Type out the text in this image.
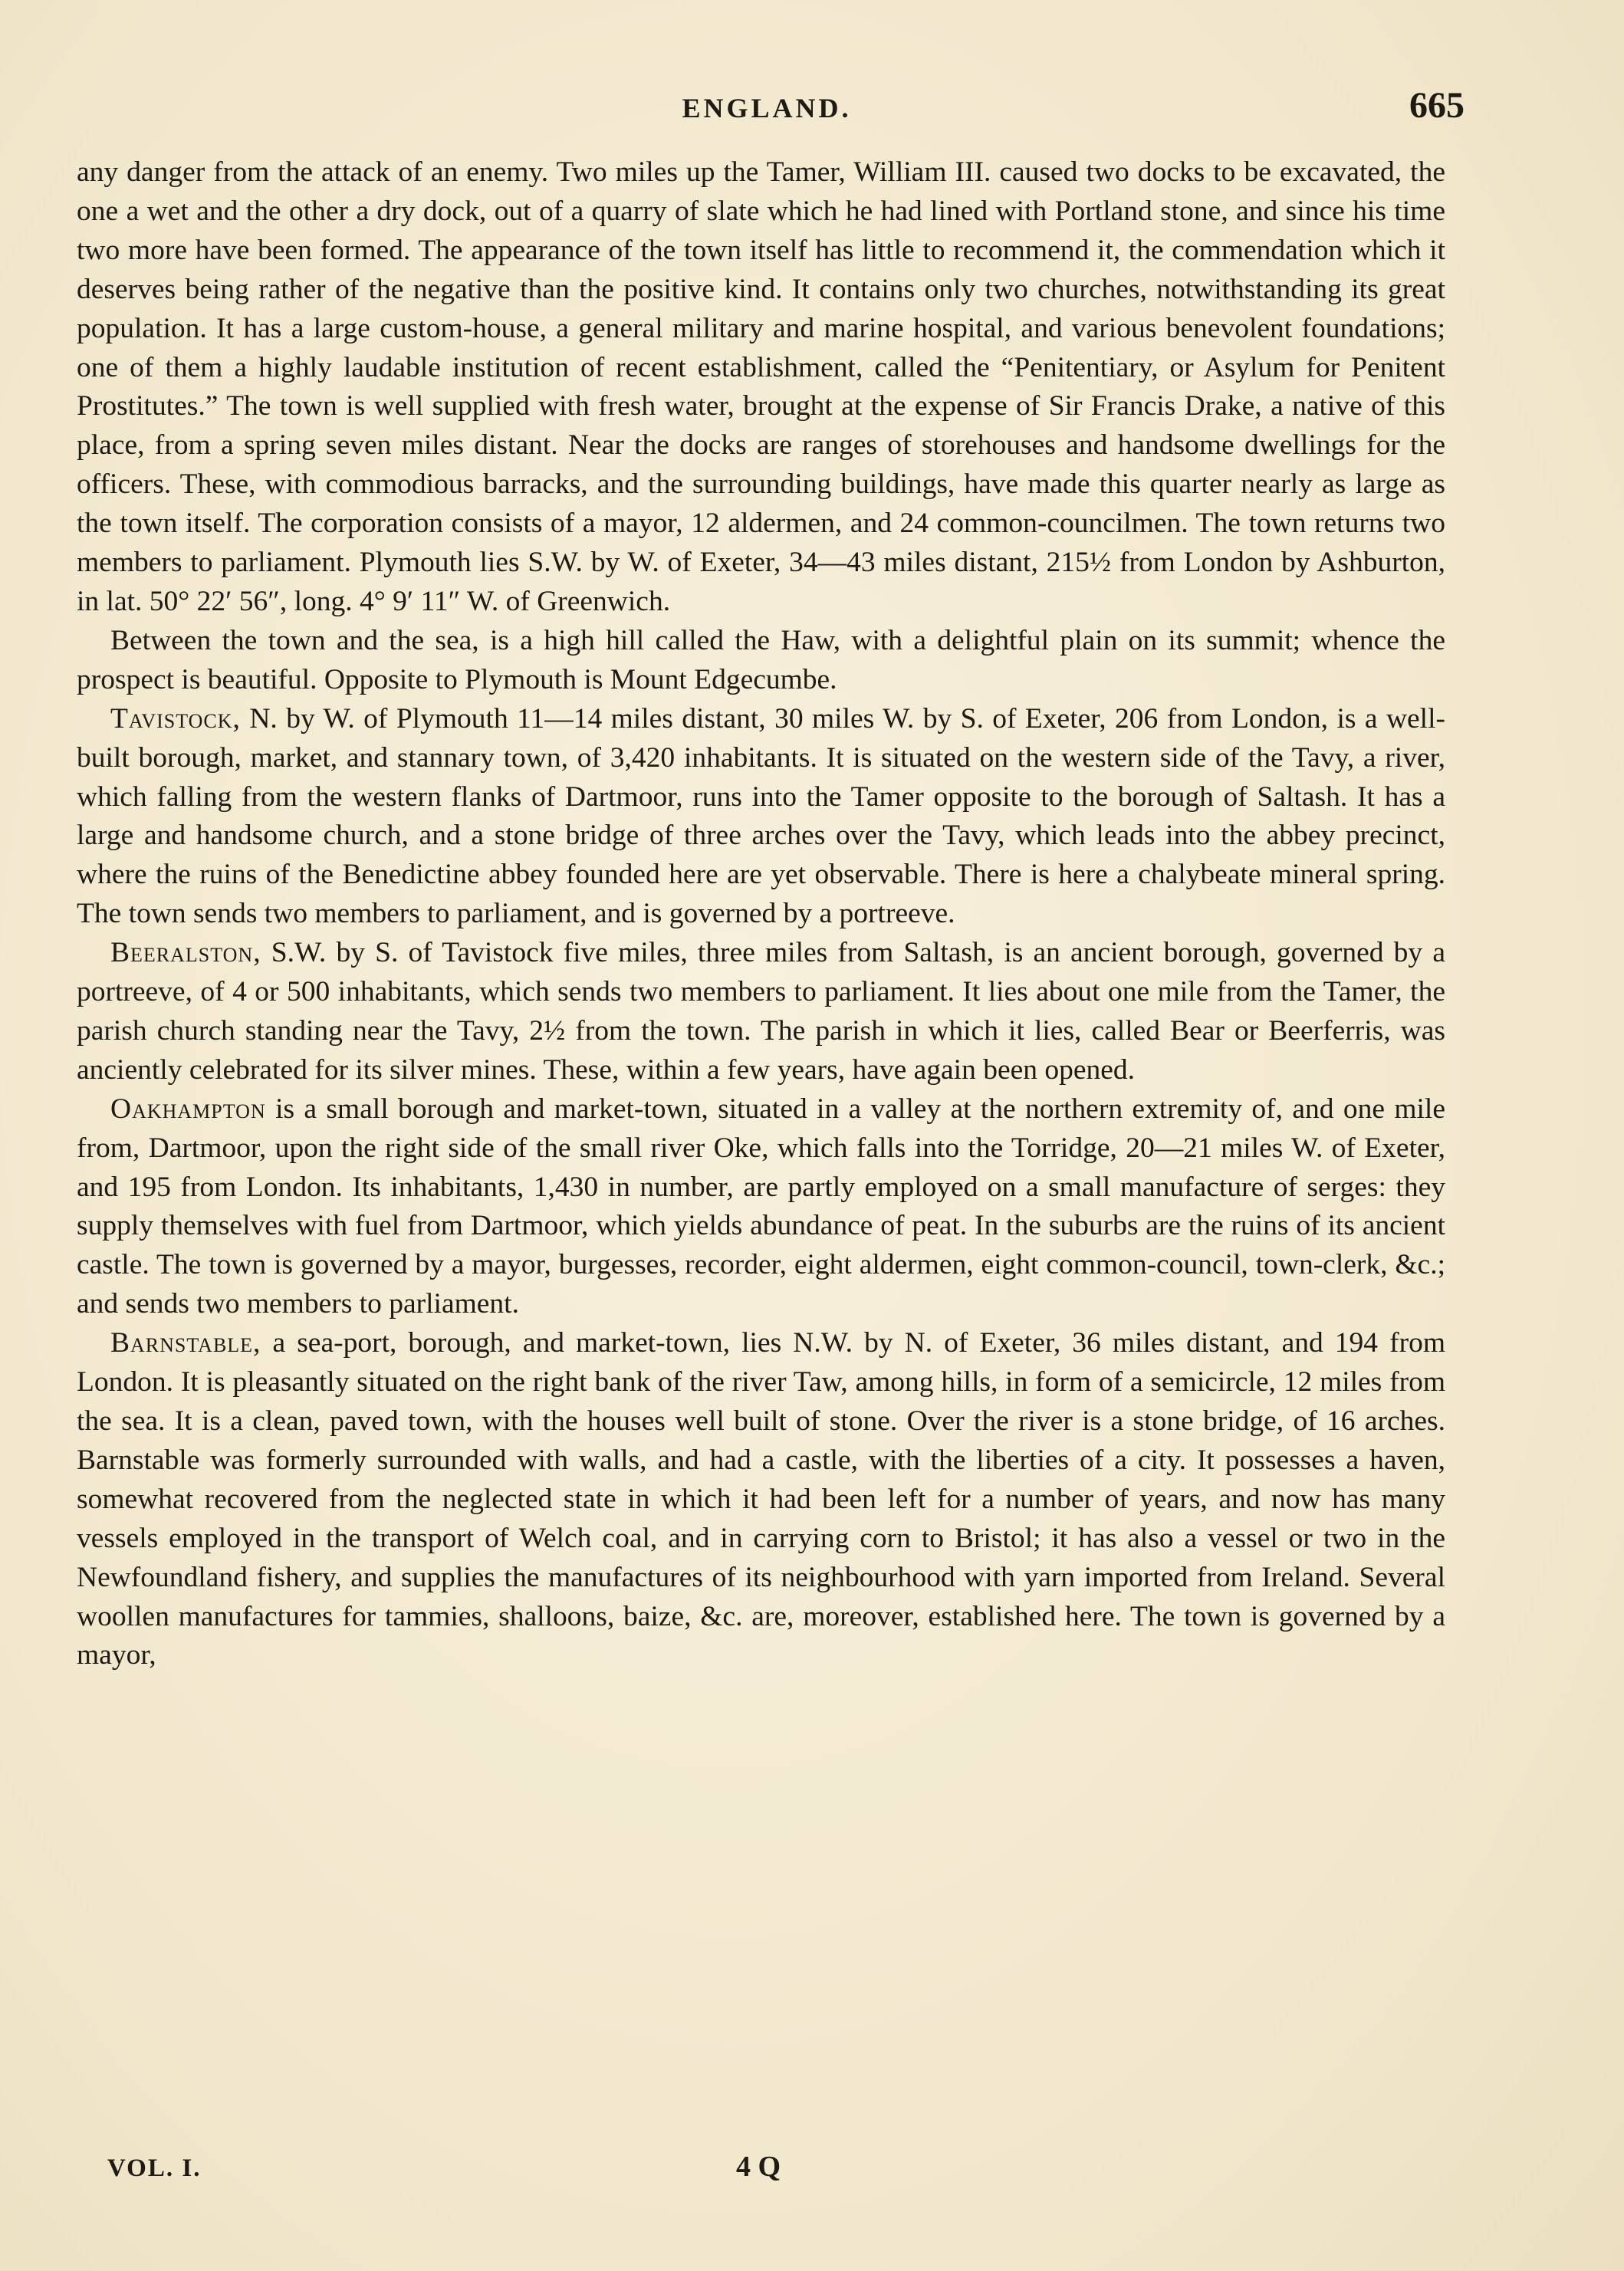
ENGLAND.	665

any danger from the attack of an enemy. Two miles up the Tamer, William III. caused two docks to be excavated, the one a wet and the other a dry dock, out of a quarry of slate which he had lined with Portland stone, and since his time two more have been formed. The appearance of the town itself has little to recommend it, the commendation which it deserves being rather of the negative than the positive kind. It contains only two churches, notwithstanding its great population. It has a large custom-house, a general military and marine hospital, and various benevolent foundations; one of them a highly laudable institution of recent establishment, called the “Penitentiary, or Asylum for Penitent Prostitutes.” The town is well supplied with fresh water, brought at the expense of Sir Francis Drake, a native of this place, from a spring seven miles distant. Near the docks are ranges of storehouses and handsome dwellings for the officers. These, with commodious barracks, and the surrounding buildings, have made this quarter nearly as large as the town itself. The corporation consists of a mayor, 12 aldermen, and 24 common-councilmen. The town returns two members to parliament. Plymouth lies S.W. by W. of Exeter, 34—43 miles distant, 215½ from London by Ashburton, in lat. 50° 22′ 56″, long. 4° 9′ 11″ W. of Greenwich.

Between the town and the sea, is a high hill called the Haw, with a delightful plain on its summit; whence the prospect is beautiful. Opposite to Plymouth is Mount Edgecumbe.

Tavistock, N. by W. of Plymouth 11—14 miles distant, 30 miles W. by S. of Exeter, 206 from London, is a well-built borough, market, and stannary town, of 3,420 inhabitants. It is situated on the western side of the Tavy, a river, which falling from the western flanks of Dartmoor, runs into the Tamer opposite to the borough of Saltash. It has a large and handsome church, and a stone bridge of three arches over the Tavy, which leads into the abbey precinct, where the ruins of the Benedictine abbey founded here are yet observable. There is here a chalybeate mineral spring. The town sends two members to parliament, and is governed by a portreeve.

Beeralston, S.W. by S. of Tavistock five miles, three miles from Saltash, is an ancient borough, governed by a portreeve, of 4 or 500 inhabitants, which sends two members to parliament. It lies about one mile from the Tamer, the parish church standing near the Tavy, 2½ from the town. The parish in which it lies, called Bear or Beerferris, was anciently celebrated for its silver mines. These, within a few years, have again been opened.

Oakhampton is a small borough and market-town, situated in a valley at the northern extremity of, and one mile from, Dartmoor, upon the right side of the small river Oke, which falls into the Torridge, 20—21 miles W. of Exeter, and 195 from London. Its inhabitants, 1,430 in number, are partly employed on a small manufacture of serges: they supply themselves with fuel from Dartmoor, which yields abundance of peat. In the suburbs are the ruins of its ancient castle. The town is governed by a mayor, burgesses, recorder, eight aldermen, eight common-council, town-clerk, &c.; and sends two members to parliament.

Barnstable, a sea-port, borough, and market-town, lies N.W. by N. of Exeter, 36 miles distant, and 194 from London. It is pleasantly situated on the right bank of the river Taw, among hills, in form of a semicircle, 12 miles from the sea. It is a clean, paved town, with the houses well built of stone. Over the river is a stone bridge, of 16 arches. Barnstable was formerly surrounded with walls, and had a castle, with the liberties of a city. It possesses a haven, somewhat recovered from the neglected state in which it had been left for a number of years, and now has many vessels employed in the transport of Welch coal, and in carrying corn to Bristol; it has also a vessel or two in the Newfoundland fishery, and supplies the manufactures of its neighbourhood with yarn imported from Ireland. Several woollen manufactures for tammies, shalloons, baize, &c. are, moreover, established here. The town is governed by a mayor,

VOL. I.	4 Q
